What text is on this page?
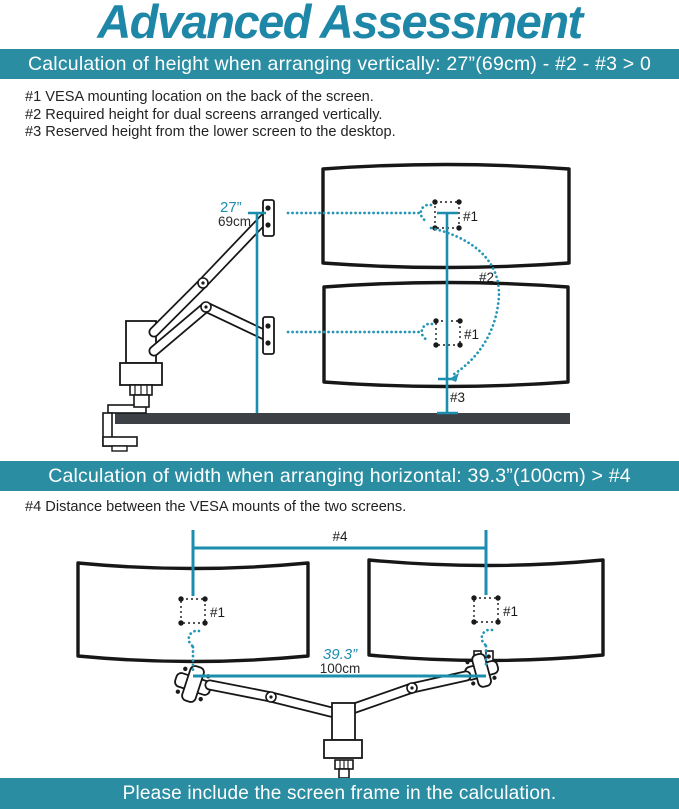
Advanced Assessment
Calculation of height when arranging vertically: 27”(69cm) - #2 - #3 > 0
#1 VESA mounting location on the back of the screen.
#2 Required height for dual screens arranged vertically.
#3 Reserved height from the lower screen to the desktop.
27”
69cm	#1
#1
#2
#3
Calculation of width when arranging horizontal: 39.3”(100cm) > #4
#4 Distance between the VESA mounts of the two screens.
#4
#1	#1
39.3”
100cm
Please include the screen frame in the calculation.
